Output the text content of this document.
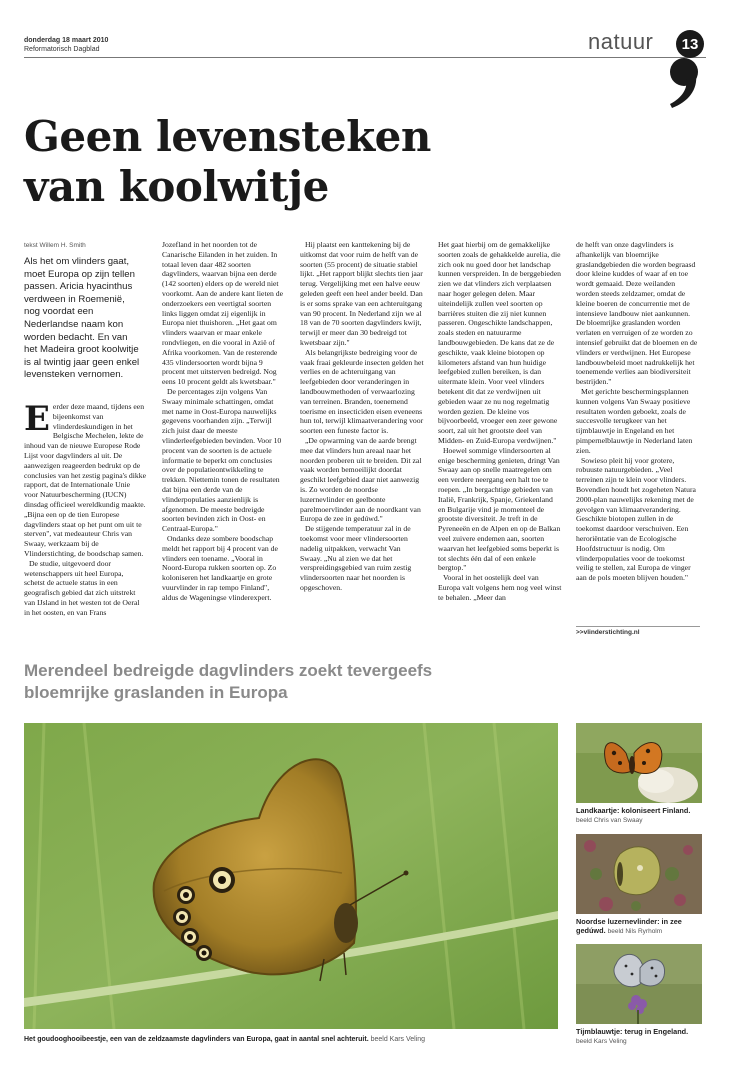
donderdag 18 maart 2010
Reformatorisch Dagblad	natuur	13
Geen levensteken
van koolwitje
tekst Willem H. Smith
Als het om vlinders gaat, moet Europa op zijn tellen passen. Aricia hyacinthus verdween in Roemenië, nog voordat een Nederlandse naam kon worden bedacht. En van het Madeira groot koolwitje is al twintig jaar geen enkel levensteken vernomen.

Eerder deze maand, tijdens een bijeenkomst van vlinderdeskundigen in het Belgische Mechelen, lekte de inhoud van de nieuwe Europese Rode Lijst voor dagvlinders al uit. De aanwezigen reageerden bedrukt op de conclusies van het zestig pagina's dikke rapport, dat de Internationale Unie voor Natuurbescherming (IUCN) dinsdag officieel wereldkundig maakte. „Bijna een op de tien Europese dagvlinders staat op het punt om uit te sterven", vat medeauteur Chris van Swaay, werkzaam bij de Vlinderstichting, de boodschap samen.

De studie, uitgevoerd door wetenschappers uit heel Europa, schetst de actuele status in een geografisch gebied dat zich uitstrekt van IJsland in het westen tot de Oeral in het oosten, en van Frans

Jozefland in het noorden tot de Canarische Eilanden in het zuiden. In totaal leven daar 482 soorten dagvlinders, waarvan bijna een derde (142 soorten) elders op de wereld niet voorkomt. Aan de andere kant lieten de onderzoekers een veertigtal soorten links liggen omdat zij eigenlijk in Europa niet thuishoren. „Het gaat om vlinders waarvan er maar enkele rondvliegen, en die vooral in Azië of Afrika voorkomen. Van de resterende 435 vlindersoorten wordt bijna 9 procent met uitsterven bedreigd. Nog eens 10 procent geldt als kwetsbaar."

De percentages zijn volgens Van Swaay minimale schattingen, omdat met name in Oost-Europa nauwelijks gegevens voorhanden zijn. „Terwijl zich juist daar de meeste vlinderleefgebieden bevinden. Voor 10 procent van de soorten is de actuele informatie te beperkt om conclusies over de populatieontwikkeling te trekken. Niettemin tonen de resultaten dat bijna een derde van de vlinderpopulaties aanzienlijk is afgenomen. De meeste bedreigde soorten bevinden zich in Oost- en Centraal-Europa."

Ondanks deze sombere boodschap meldt het rapport bij 4 procent van de vlinders een toename. „Vooral in Noord-Europa rukken soorten op. Zo koloniseren het landkaartje en grote vuurvlinder in rap tempo Finland", aldus de Wageningse vlinderexpert.

Hij plaatst een kanttekening bij de uitkomst dat voor ruim de helft van de soorten (55 procent) de situatie stabiel lijkt. „Het rapport blijkt slechts tien jaar terug. Vergelijking met een halve eeuw geleden geeft een heel ander beeld. Dan is er soms sprake van een achteruitgang van 90 procent. In Nederland zijn we al 18 van de 70 soorten dagvlinders kwijt, terwijl er meer dan 30 bedreigd tot kwetsbaar zijn."

Als belangrijkste bedreiging voor de vaak fraai gekleurde insecten gelden het verlies en de achteruitgang van leefgebieden door veranderingen in landbouwmethoden of verwaarlozing van terreinen. Branden, toenemend toerisme en insecticiden eisen eveneens hun tol, terwijl klimaatverandering voor soorten een funeste factor is.

„De opwarming van de aarde brengt mee dat vlinders hun areaal naar het noorden proberen uit te breiden. Dit zal vaak worden bemoeilijkt doordat geschikt leefgebied daar niet aanwezig is. Zo worden de noordse luzernevlinder en geelbonte parelmoervlinder aan de noordkant van Europa de zee in gedúwd."

De stijgende temperatuur zal in de toekomst voor meer vlindersoorten nadelig uitpakken, verwacht Van Swaay. „Nu al zien we dat het verspreidingsgebied van ruim zestig vlindersoorten naar het noorden is opgeschoven.

Het gaat hierbij om de gemakkelijke soorten zoals de gehakkelde aurelia, die zich ook nu goed door het landschap kunnen verspreiden. In de berggebieden zien we dat vlinders zich verplaatsen naar hoger gelegen delen. Maar uiteindelijk zullen veel soorten op barrières stuiten die zij niet kunnen passeren. Ongeschikte landschappen, zoals steden en natuurarme landbouwgebieden. De kans dat ze de geschikte, vaak kleine biotopen op kilometers afstand van hun huidige leefgebied zullen bereiken, is dan uitermate klein. Voor veel vlinders betekent dit dat ze verdwijnen uit gebieden waar ze nu nog regelmatig worden gezien. De kleine vos bijvoorbeeld, vroeger een zeer gewone soort, zal uit het grootste deel van Midden- en Zuid-Europa verdwijnen."

Hoewel sommige vlindersoorten al enige bescherming genieten, dringt Van Swaay aan op snelle maatregelen om een verdere neergang een halt toe te roepen. „In bergachtige gebieden van Italië, Frankrijk, Spanje, Griekenland en Bulgarije vind je momenteel de grootste diversiteit. Je treft in de Pyreneeën en de Alpen en op de Balkan veel zuivere endemen aan, soorten waarvan het leefgebied soms beperkt is tot slechts één dal of een enkele bergtop."

Vooral in het oostelijk deel van Europa valt volgens hem nog veel winst te behalen. „Meer dan

de helft van onze dagvlinders is afhankelijk van bloemrijke graslandgebieden die worden begraasd door kleine kuddes of waar af en toe wordt gemaaid. Deze weilanden worden steeds zeldzamer, omdat de kleine boeren de concurrentie met de intensieve landbouw niet aankunnen. De bloemrijke graslanden worden verlaten en verruigen of ze worden zo intensief gebruikt dat de bloemen en de vlinders er verdwijnen. Het Europese landbouwbeleid moet nadrukkelijk het toenemende verlies aan biodiversiteit bestrijden."

Met gerichte beschermingsplannen kunnen volgens Van Swaay positieve resultaten worden geboekt, zoals de succesvolle terugkeer van het tijmblauwtje in Engeland en het pimpernelblauwtje in Nederland laten zien.

Sowieso pleit hij voor grotere, robuuste natuurgebieden. „Veel terreinen zijn te klein voor vlinders. Bovendien houdt het zogeheten Natura 2000-plan nauwelijks rekening met de gevolgen van klimaatverandering. Geschikte biotopen zullen in de toekomst daardoor verschuiven. Een heroriëntatie van de Ecologische Hoofdstructuur is nodig. Om vlinderpopulaties voor de toekomst veilig te stellen, zal Europa de vinger aan de pols moeten blijven houden."

>>vlinderstichting.nl
Merendeel bedreigde dagvlinders zoekt tevergeefs
bloemrijke graslanden in Europa
Het goudooghooibeestje, een van de zeldzaamste dagvlinders van Europa, gaat in aantal snel achteruit. beeld Kars Veling
Landkaartje: koloniseert Finland. beeld Chris van Swaay
Noordse luzernevlinder: in zee gedúwd. beeld Nils Ryrholm
Tijmblauwtje: terug in Engeland. beeld Kars Veling
